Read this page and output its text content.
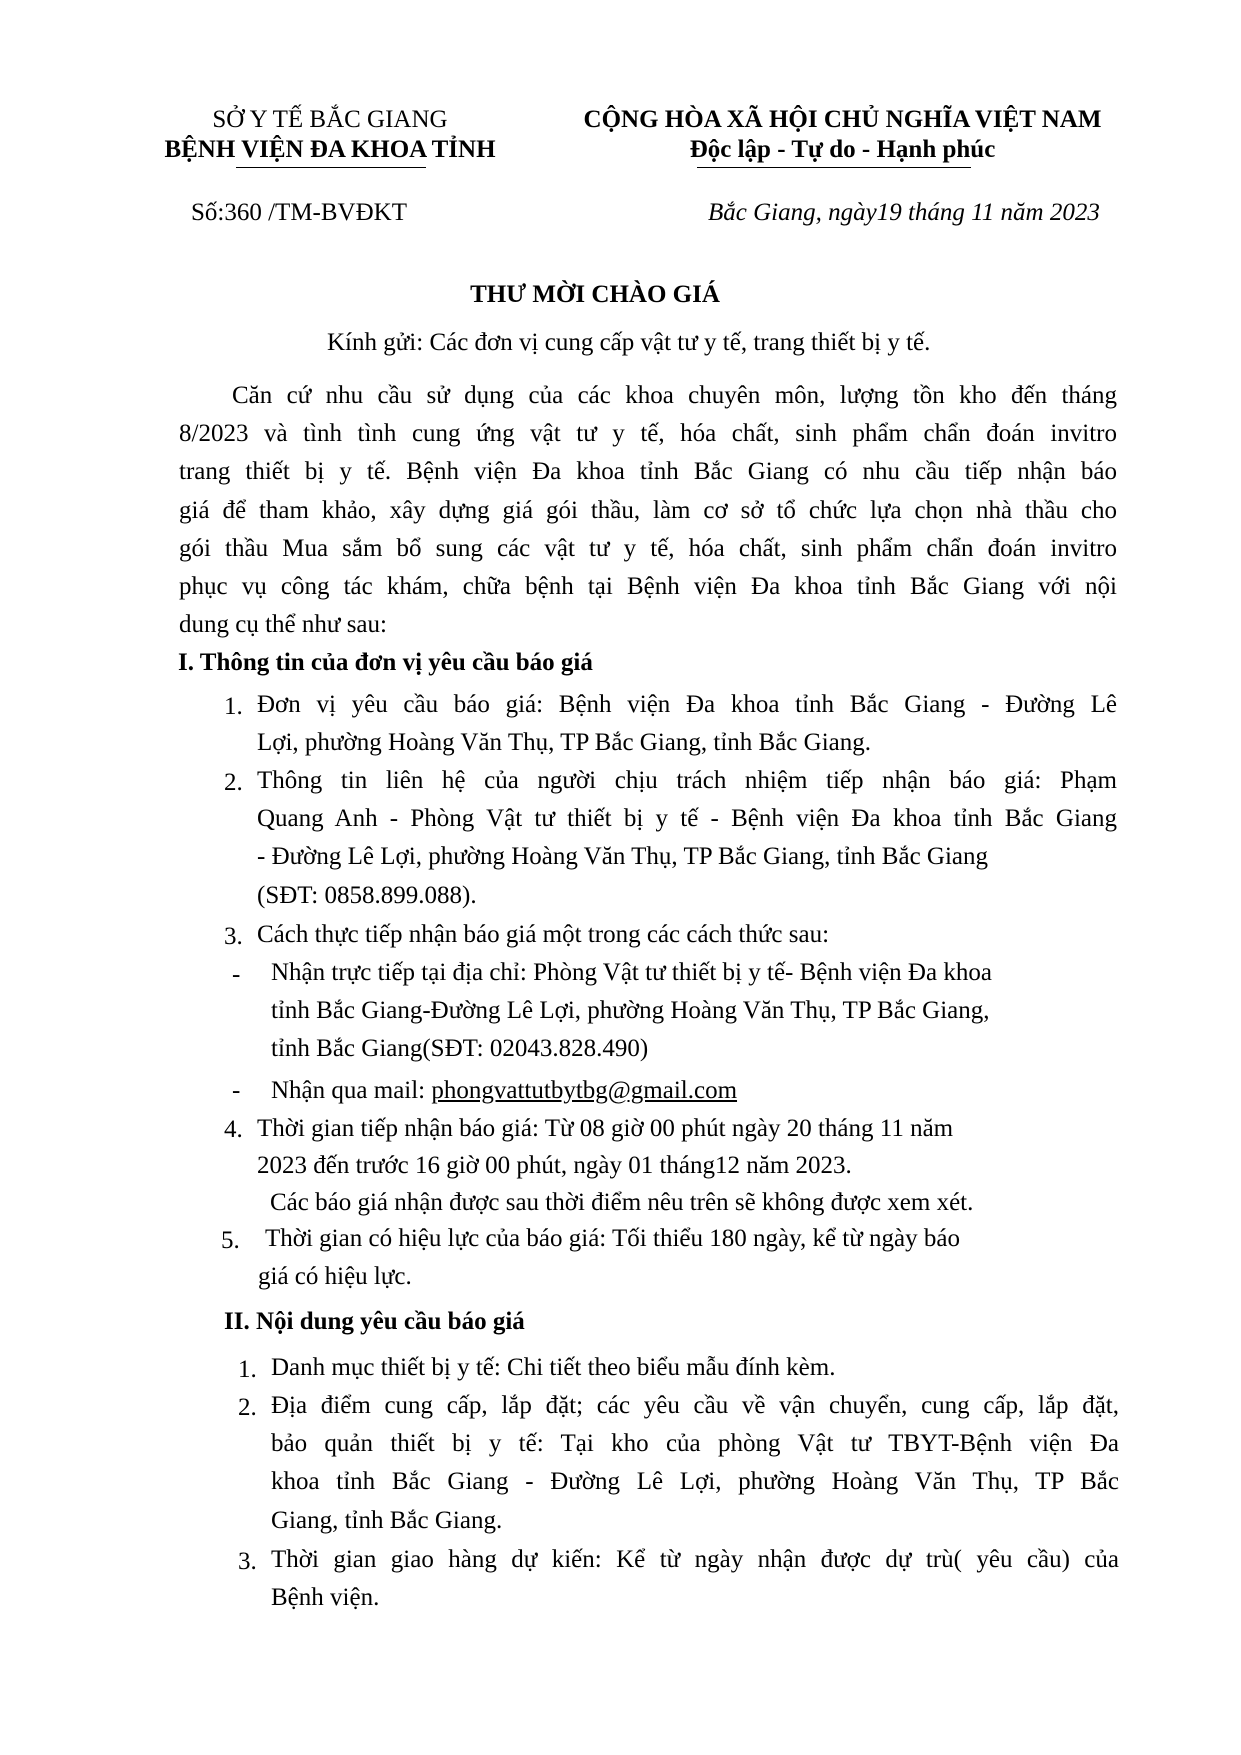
SỞ Y TẾ BẮC GIANG
BỆNH VIỆN ĐA KHOA TỈNH
CỘNG HÒA XÃ HỘI CHỦ NGHĨA VIỆT NAM
Độc lập - Tự do - Hạnh phúc
Số:360 /TM-BVĐKT	Bắc Giang, ngày19 tháng 11 năm 2023
THƯ MỜI CHÀO GIÁ
Kính gửi: Các đơn vị cung cấp vật tư y tế, trang thiết bị y tế.
Căn cứ nhu cầu sử dụng của các khoa chuyên môn, lượng tồn kho đến tháng
8/2023 và tình tình cung ứng vật tư y tế, hóa chất, sinh phẩm chẩn đoán invitro
trang thiết bị y tế. Bệnh viện Đa khoa tỉnh Bắc Giang có nhu cầu tiếp nhận báo
giá để tham khảo, xây dựng giá gói thầu, làm cơ sở tổ chức lựa chọn nhà thầu cho
gói thầu Mua sắm bổ sung các vật tư y tế, hóa chất, sinh phẩm chẩn đoán invitro
phục vụ công tác khám, chữa bệnh tại Bệnh viện Đa khoa tỉnh Bắc Giang với nội
dung cụ thể như sau:
I. Thông tin của đơn vị yêu cầu báo giá
1. Đơn vị yêu cầu báo giá: Bệnh viện Đa khoa tỉnh Bắc Giang - Đường Lê
Lợi, phường Hoàng Văn Thụ, TP Bắc Giang, tỉnh Bắc Giang.
2. Thông tin liên hệ của người chịu trách nhiệm tiếp nhận báo giá: Phạm
Quang Anh - Phòng Vật tư thiết bị y tế - Bệnh viện Đa khoa tỉnh Bắc Giang
- Đường Lê Lợi, phường Hoàng Văn Thụ, TP Bắc Giang, tỉnh Bắc Giang
(SĐT: 0858.899.088).
3. Cách thực tiếp nhận báo giá một trong các cách thức sau:
- Nhận trực tiếp tại địa chỉ: Phòng Vật tư thiết bị y tế- Bệnh viện Đa khoa
tỉnh Bắc Giang-Đường Lê Lợi, phường Hoàng Văn Thụ, TP Bắc Giang,
tỉnh Bắc Giang(SĐT: 02043.828.490)
- Nhận qua mail: phongvattutbytbg@gmail.com
4. Thời gian tiếp nhận báo giá: Từ 08 giờ 00 phút ngày 20 tháng 11 năm
2023 đến trước 16 giờ 00 phút, ngày 01 tháng12 năm 2023.
Các báo giá nhận được sau thời điểm nêu trên sẽ không được xem xét.
5. Thời gian có hiệu lực của báo giá: Tối thiểu 180 ngày, kể từ ngày báo
giá có hiệu lực.
II. Nội dung yêu cầu báo giá
1. Danh mục thiết bị y tế: Chi tiết theo biểu mẫu đính kèm.
2. Địa điểm cung cấp, lắp đặt; các yêu cầu về vận chuyển, cung cấp, lắp đặt,
bảo quản thiết bị y tế: Tại kho của phòng Vật tư TBYT-Bệnh viện Đa
khoa tỉnh Bắc Giang - Đường Lê Lợi, phường Hoàng Văn Thụ, TP Bắc
Giang, tỉnh Bắc Giang.
3. Thời gian giao hàng dự kiến: Kể từ ngày nhận được dự trù( yêu cầu) của
Bệnh viện.
